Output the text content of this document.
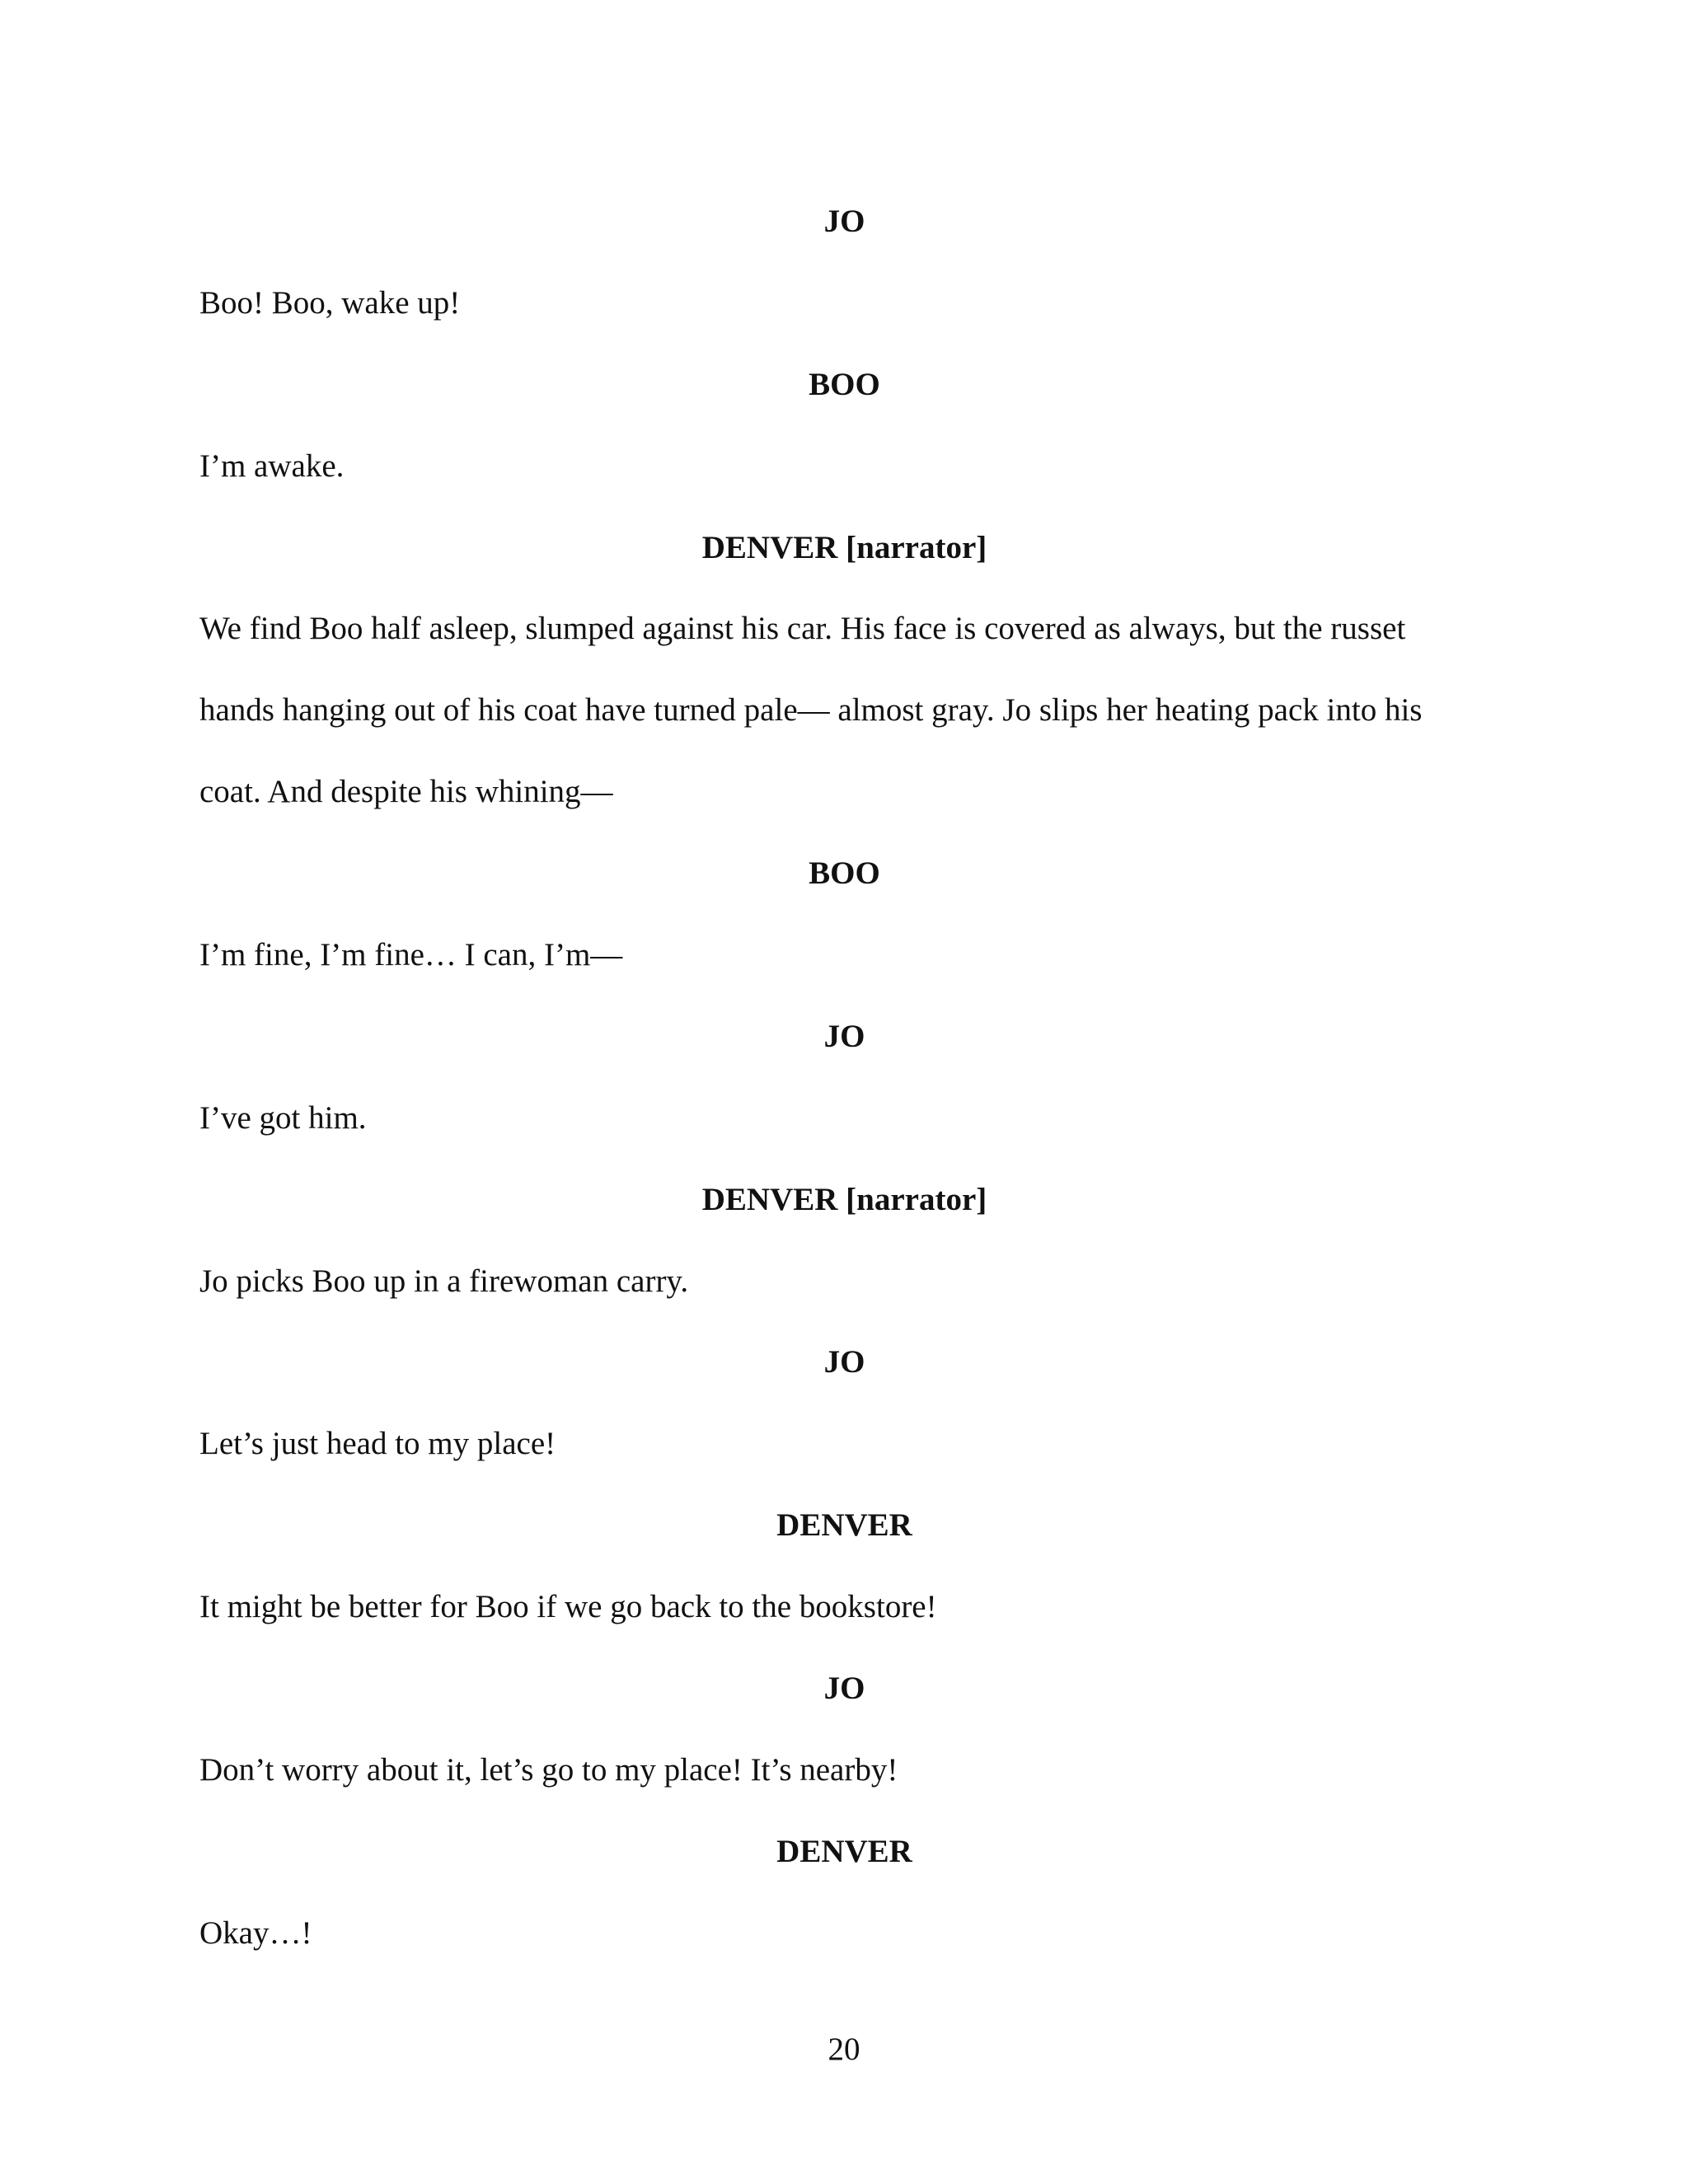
JO
Boo! Boo, wake up!
BOO
I’m awake.
DENVER [narrator]
We find Boo half asleep, slumped against his car. His face is covered as always, but the russet
hands hanging out of his coat have turned pale— almost gray. Jo slips her heating pack into his
coat. And despite his whining—
BOO
I’m fine, I’m fine… I can, I’m—
JO
I’ve got him.
DENVER [narrator]
Jo picks Boo up in a firewoman carry.
JO
Let’s just head to my place!
DENVER
It might be better for Boo if we go back to the bookstore!
JO
Don’t worry about it, let’s go to my place! It’s nearby!
DENVER
Okay…!
20
